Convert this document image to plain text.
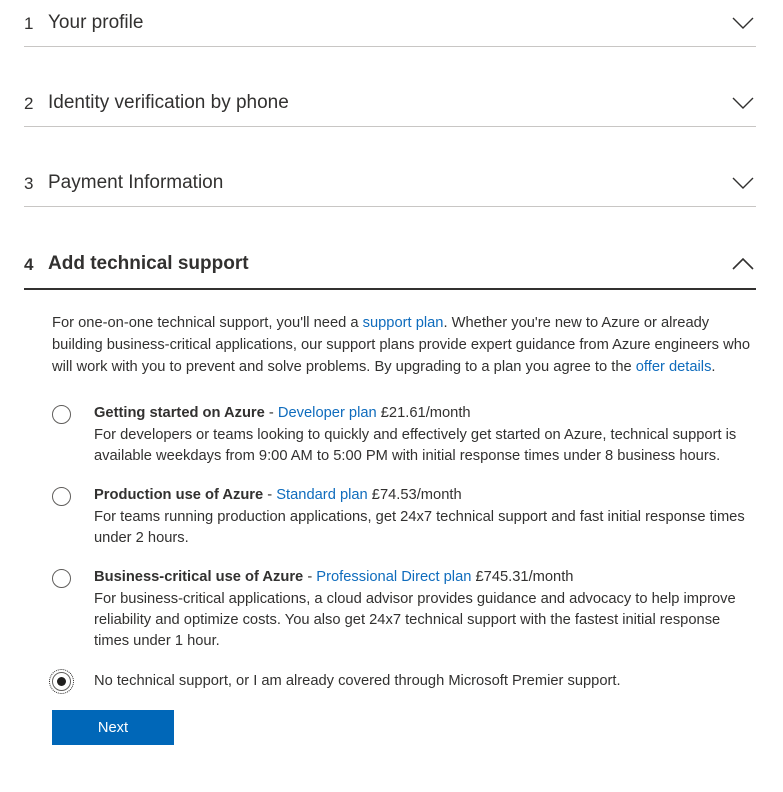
1 Your profile
2 Identity verification by phone
3 Payment Information
4 Add technical support

For one-on-one technical support, you'll need a support plan. Whether you're new to Azure or already building business-critical applications, our support plans provide expert guidance from Azure engineers who will work with you to prevent and solve problems. By upgrading to a plan you agree to the offer details.

Getting started on Azure - Developer plan £21.61/month
For developers or teams looking to quickly and effectively get started on Azure, technical support is available weekdays from 9:00 AM to 5:00 PM with initial response times under 8 business hours.
Production use of Azure - Standard plan £74.53/month
For teams running production applications, get 24x7 technical support and fast initial response times under 2 hours.
Business-critical use of Azure - Professional Direct plan £745.31/month
For business-critical applications, a cloud advisor provides guidance and advocacy to help improve reliability and optimize costs. You also get 24x7 technical support with the fastest initial response times under 1 hour.
No technical support, or I am already covered through Microsoft Premier support.
Next
